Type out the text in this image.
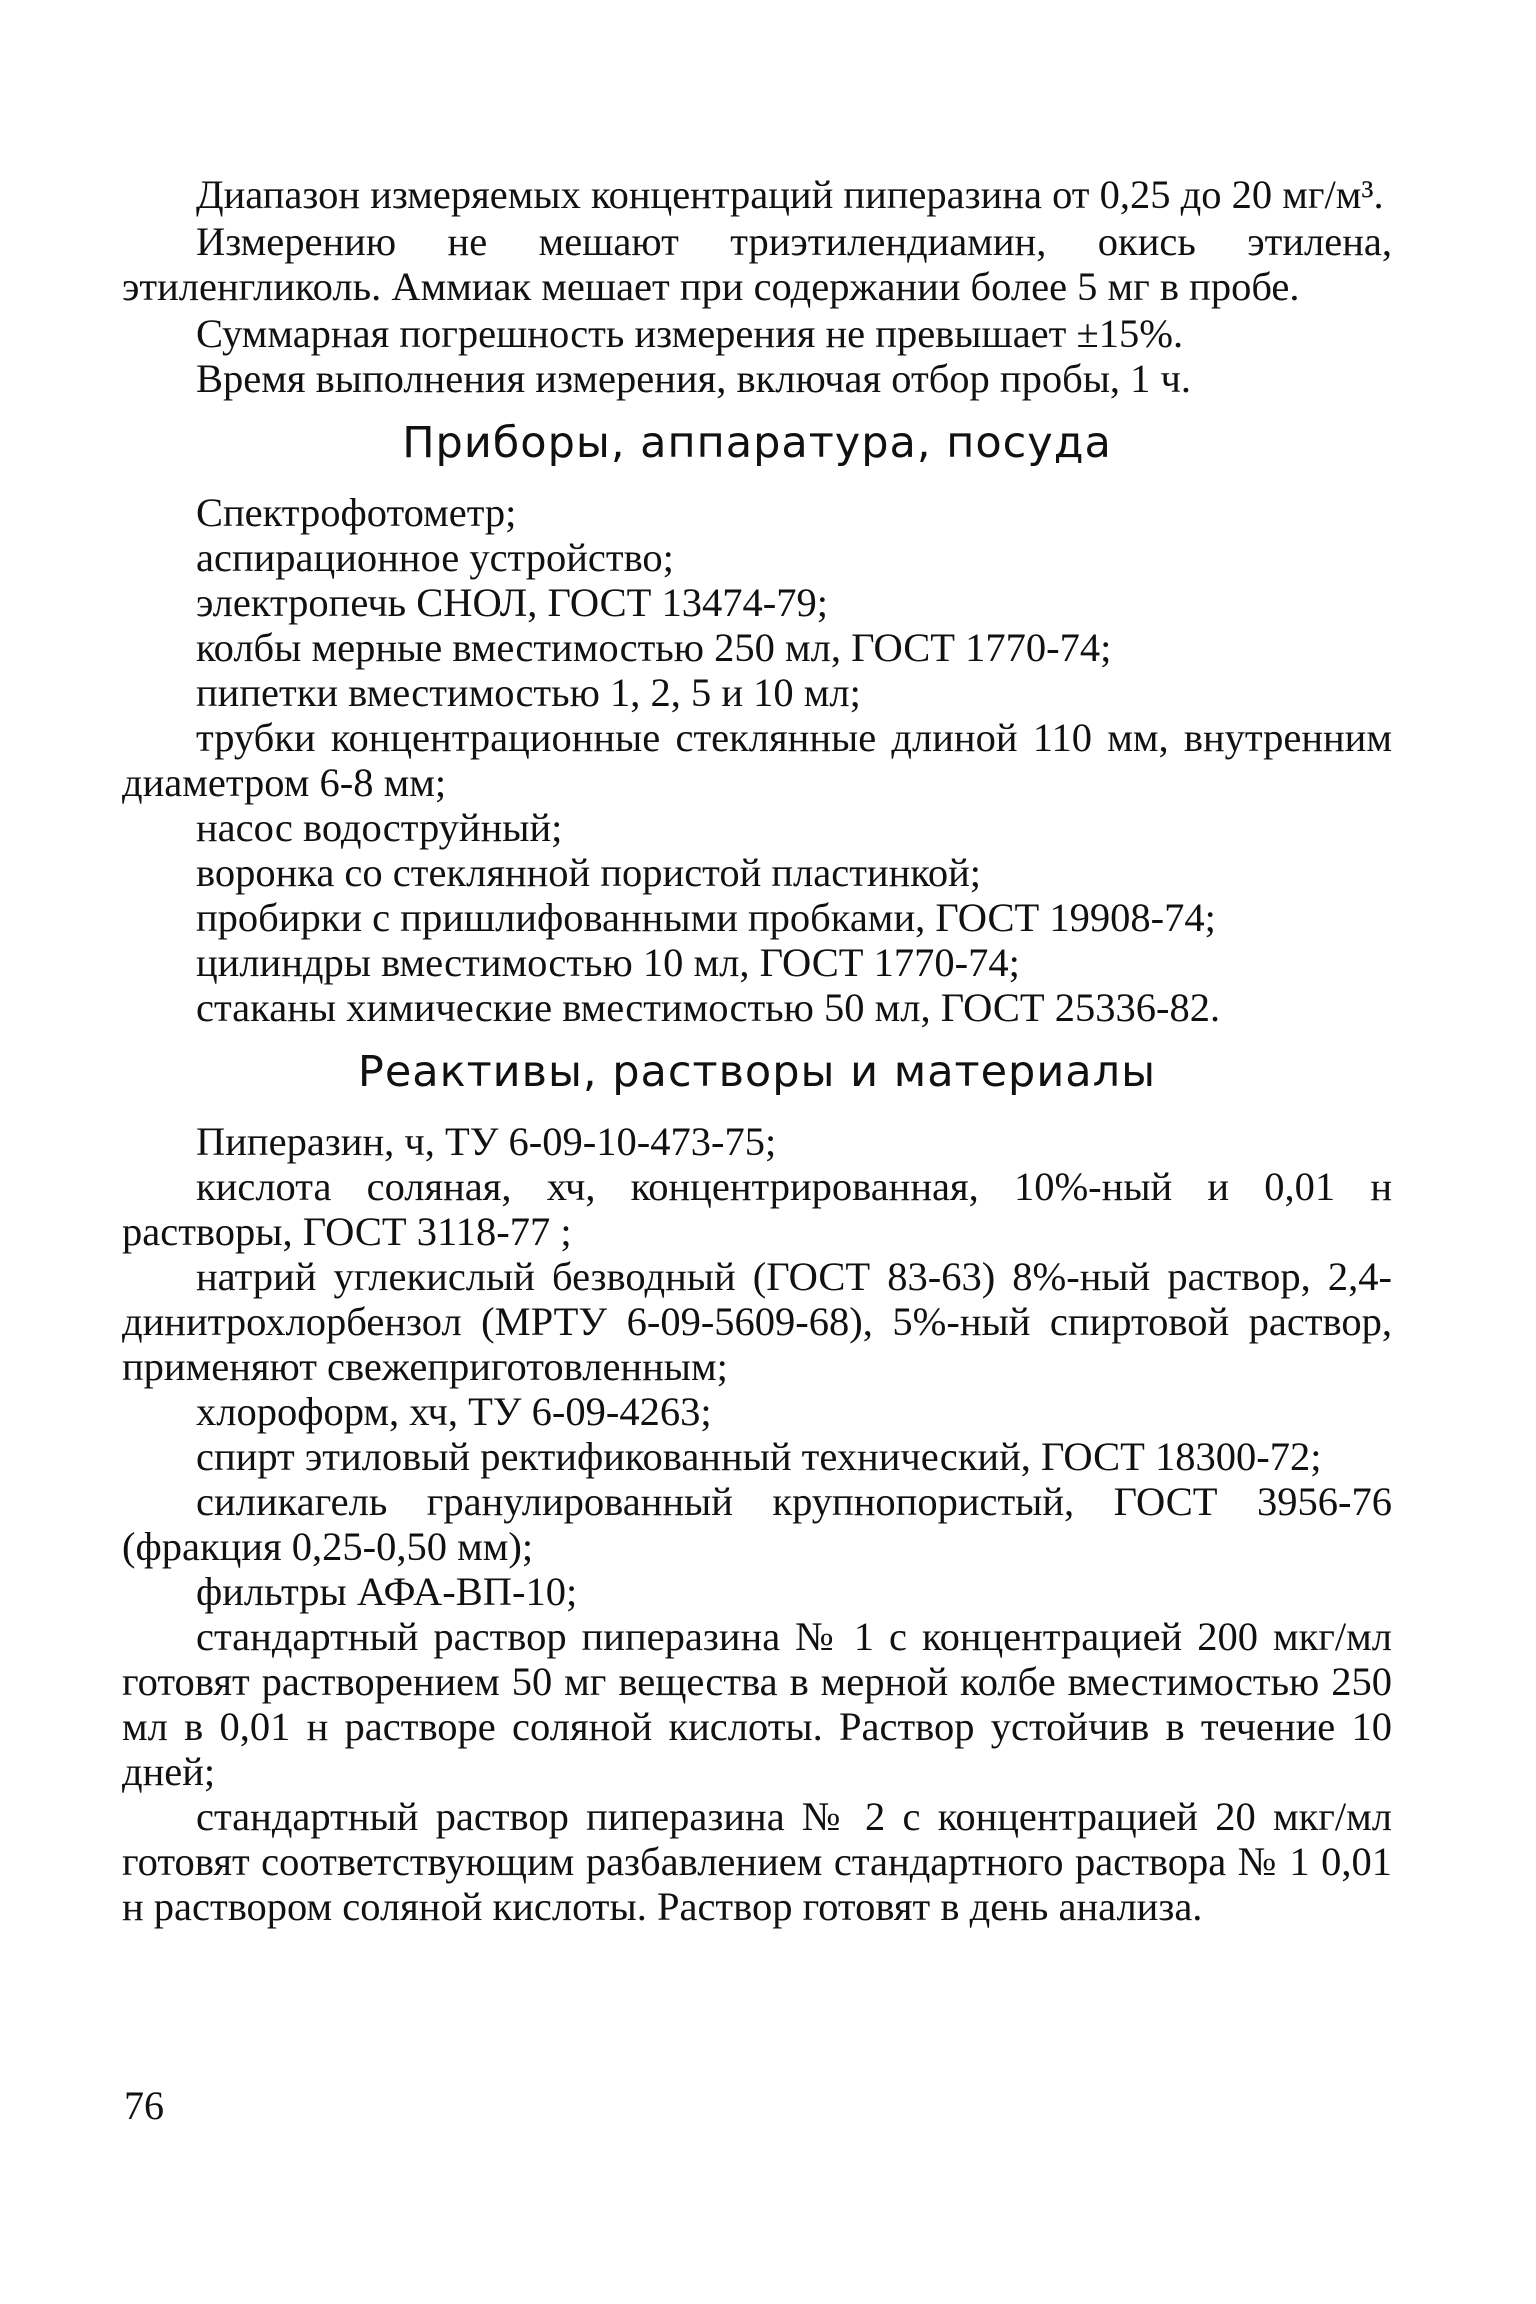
Диапазон измеряемых концентраций пиперазина от 0,25 до 20 мг/м³.

Измерению не мешают триэтилендиамин, окись этилена, этиленгликоль. Аммиак мешает при содержании более 5 мг в пробе.

Суммарная погрешность измерения не превышает ±15%.

Время выполнения измерения, включая отбор пробы, 1 ч.

Приборы, аппаратура, посуда

Спектрофотометр;

аспирационное устройство;

электропечь СНОЛ, ГОСТ 13474-79;

колбы мерные вместимостью 250 мл, ГОСТ 1770-74;

пипетки вместимостью 1, 2, 5 и 10 мл;

трубки концентрационные стеклянные длиной 110 мм, внутренним диаметром 6-8 мм;

насос водоструйный;

воронка со стеклянной пористой пластинкой;

пробирки с пришлифованными пробками, ГОСТ 19908-74;

цилиндры вместимостью 10 мл, ГОСТ 1770-74;

стаканы химические вместимостью 50 мл, ГОСТ 25336-82.

Реактивы, растворы и материалы

Пиперазин, ч, ТУ 6-09-10-473-75;

кислота соляная, хч, концентрированная, 10%-ный и 0,01 н растворы, ГОСТ 3118-77 ;

натрий углекислый безводный (ГОСТ 83-63) 8%-ный раствор, 2,4-динитрохлорбензол (МРТУ 6-09-5609-68), 5%-ный спиртовой раствор, применяют свежеприготовленным;

хлороформ, хч, ТУ 6-09-4263;

спирт этиловый ректификованный технический, ГОСТ 18300-72;

силикагель гранулированный крупнопористый, ГОСТ 3956-76 (фракция 0,25-0,50 мм);

фильтры АФА-ВП-10;

стандартный раствор пиперазина № 1 с концентрацией 200 мкг/мл готовят растворением 50 мг вещества в мерной колбе вместимостью 250 мл в 0,01 н растворе соляной кислоты. Раствор устойчив в течение 10 дней;

стандартный раствор пиперазина № 2 с концентрацией 20 мкг/мл готовят соответствующим разбавлением стандартного раствора № 1 0,01 н раствором соляной кислоты. Раствор готовят в день анализа.

76
